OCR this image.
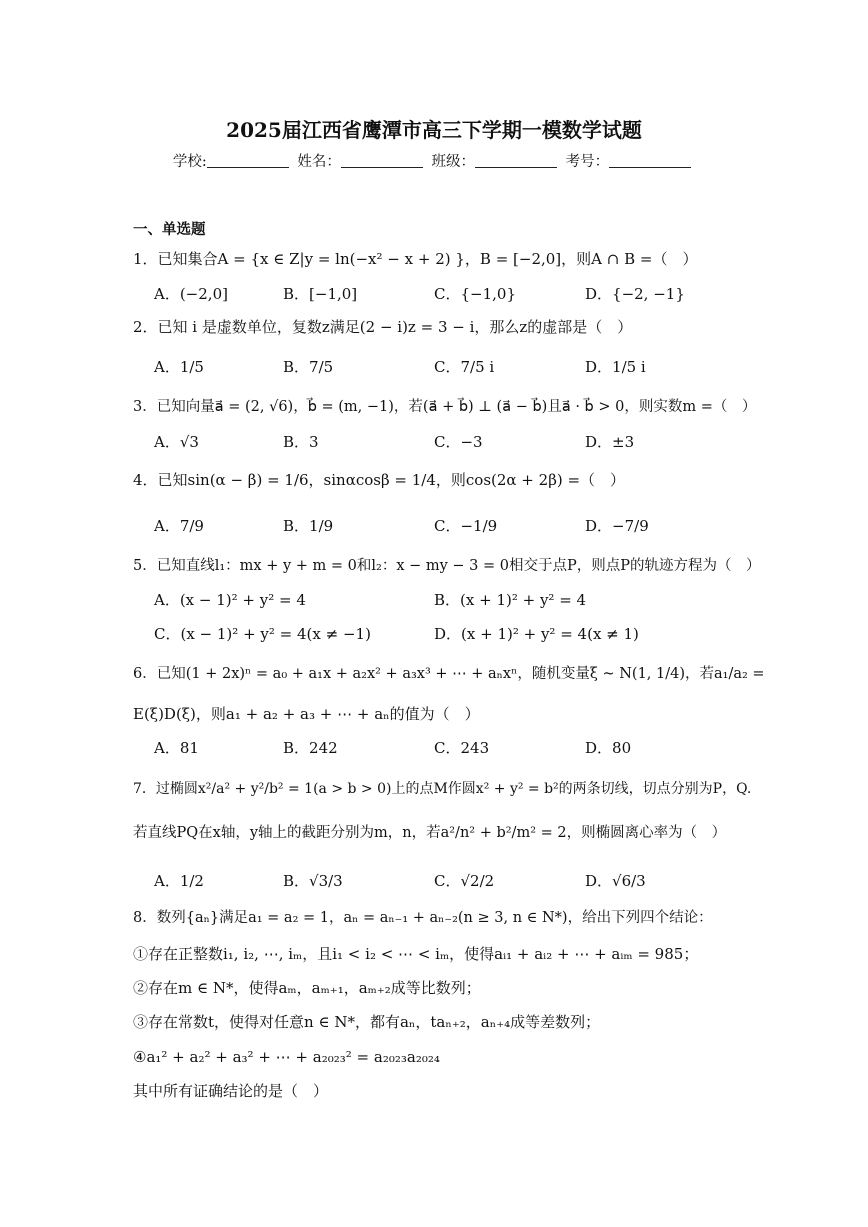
2025届江西省鹰潭市高三下学期一模数学试题
学校:	姓名：	班级：	考号：
一、单选题
1．已知集合A = {x ∈ Z|y = ln(−x² − x + 2) }，B = [−2,0]，则A ∩ B =（　）
A．(−2,0]	B．[−1,0]	C．{−1,0}	D．{−2, −1}
2．已知 i 是虚数单位，复数z满足(2 − i)z = 3 − i，那么z的虚部是（　）
A．1/5	B．7/5	C．7/5 i	D．1/5 i
3．已知向量a⃗ = (2, √6)，b⃗ = (m, −1)，若(a⃗ + b⃗) ⊥ (a⃗ − b⃗)且a⃗ · b⃗ > 0，则实数m =（　）
A．√3	B．3	C．−3	D．±3
4．已知sin(α − β) = 1/6，sinαcosβ = 1/4，则cos(2α + 2β) =（　）
A．7/9	B．1/9	C．−1/9	D．−7/9
5．已知直线l₁：mx + y + m = 0和l₂：x − my − 3 = 0相交于点P，则点P的轨迹方程为（　）
A．(x − 1)² + y² = 4	B．(x + 1)² + y² = 4
C．(x − 1)² + y² = 4(x ≠ −1)	D．(x + 1)² + y² = 4(x ≠ 1)
6．已知(1 + 2x)ⁿ = a₀ + a₁x + a₂x² + a₃x³ + ⋯ + aₙxⁿ，随机变量ξ ~ N(1, 1/4)，若a₁/a₂ =
E(ξ)D(ξ)，则a₁ + a₂ + a₃ + ⋯ + aₙ的值为（　）
A．81	B．242	C．243	D．80
7．过椭圆x²/a² + y²/b² = 1(a > b > 0)上的点M作圆x² + y² = b²的两条切线，切点分别为P，Q.
若直线PQ在x轴，y轴上的截距分别为m，n，若a²/n² + b²/m² = 2，则椭圆离心率为（　）
A．1/2	B．√3/3	C．√2/2	D．√6/3
8．数列{aₙ}满足a₁ = a₂ = 1，aₙ = aₙ₋₁ + aₙ₋₂(n ≥ 3, n ∈ N*)，给出下列四个结论：
①存在正整数i₁, i₂, ⋯, iₘ，且i₁ < i₂ < ⋯ < iₘ，使得aᵢ₁ + aᵢ₂ + ⋯ + aᵢₘ = 985；
②存在m ∈ N*，使得aₘ，aₘ₊₁，aₘ₊₂成等比数列；
③存在常数t，使得对任意n ∈ N*，都有aₙ，taₙ₊₂，aₙ₊₄成等差数列；
④a₁² + a₂² + a₃² + ⋯ + a₂₀₂₃² = a₂₀₂₃a₂₀₂₄
其中所有证确结论的是（　）
